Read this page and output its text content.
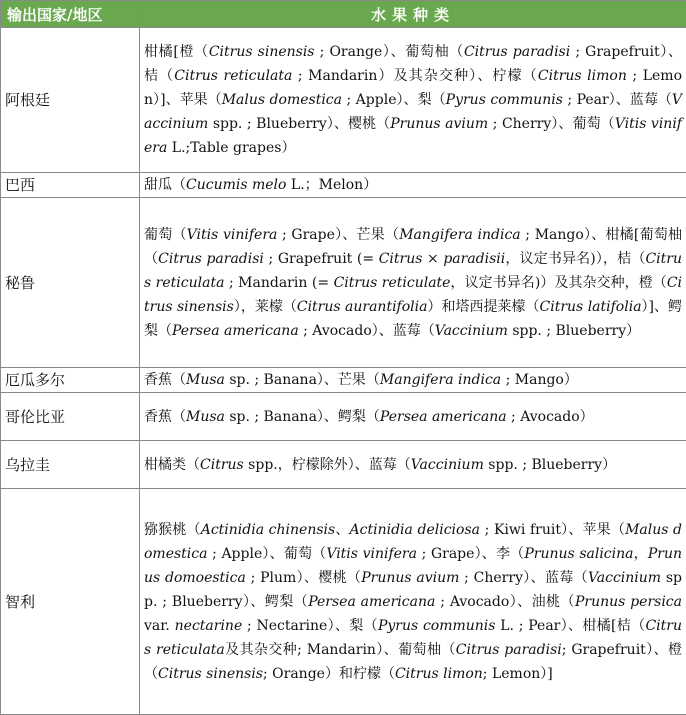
输出国家/地区	水果种类
阿根廷	柑橘[橙（Citrus sinensis ; Orange）、葡萄柚（Citrus paradisi ; Grapefruit）、桔（Citrus reticulata ; Mandarin）及其杂交种）、柠檬（Citrus limon ; Lemon）]、苹果（Malus domestica ; Apple）、梨（Pyrus communis ; Pear）、蓝莓（Vaccinium spp. ; Blueberry）、樱桃（Prunus avium ; Cherry）、葡萄（Vitis vinifera L.;Table grapes）
巴西	甜瓜（Cucumis melo L.；Melon）
秘鲁	葡萄（Vitis vinifera ; Grape）、芒果（Mangifera indica ; Mango）、柑橘[葡萄柚（Citrus paradisi ; Grapefruit (= Citrus × paradisii，议定书异名)），桔（Citrus reticulata ; Mandarin (= Citrus reticulate，议定书异名)）及其杂交种，橙（Citrus sinensis），莱檬（Citrus aurantifolia）和塔西提莱檬（Citrus latifolia）]、鳄梨（Persea americana ; Avocado）、蓝莓（Vaccinium spp. ; Blueberry）
厄瓜多尔	香蕉（Musa sp. ; Banana）、芒果（Mangifera indica ; Mango）
哥伦比亚	香蕉（Musa sp. ; Banana）、鳄梨（Persea americana ; Avocado）
乌拉圭	柑橘类（Citrus spp.，柠檬除外）、蓝莓（Vaccinium spp. ; Blueberry）
智利	猕猴桃（Actinidia chinensis、Actinidia deliciosa ; Kiwi fruit）、苹果（Malus domestica ; Apple）、葡萄（Vitis vinifera ; Grape）、李（Prunus salicina，Prunus domoestica ; Plum）、樱桃（Prunus avium ; Cherry）、蓝莓（Vaccinium spp. ; Blueberry）、鳄梨（Persea americana ; Avocado）、油桃（Prunus persica var. nectarine ; Nectarine）、梨（Pyrus communis L. ; Pear）、柑橘[桔（Citrus reticulata及其杂交种; Mandarin）、葡萄柚（Citrus paradisi; Grapefruit）、橙（Citrus sinensis; Orange）和柠檬（Citrus limon; Lemon）]
